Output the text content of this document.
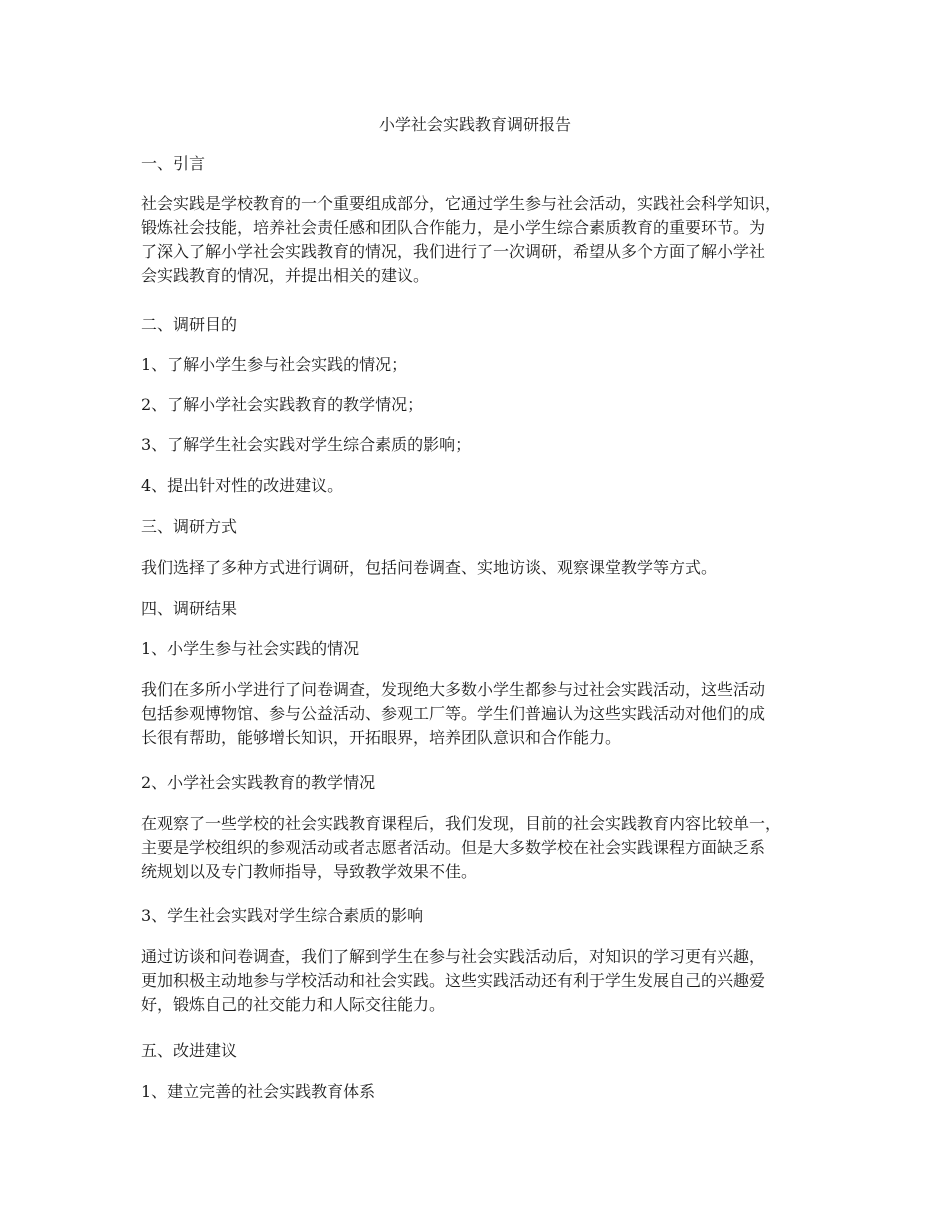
小学社会实践教育调研报告
一、引言
社会实践是学校教育的一个重要组成部分，它通过学生参与社会活动，实践社会科学知识，
锻炼社会技能，培养社会责任感和团队合作能力，是小学生综合素质教育的重要环节。为
了深入了解小学社会实践教育的情况，我们进行了一次调研，希望从多个方面了解小学社
会实践教育的情况，并提出相关的建议。
二、调研目的
1、了解小学生参与社会实践的情况；
2、了解小学社会实践教育的教学情况；
3、了解学生社会实践对学生综合素质的影响；
4、提出针对性的改进建议。
三、调研方式
我们选择了多种方式进行调研，包括问卷调查、实地访谈、观察课堂教学等方式。
四、调研结果
1、小学生参与社会实践的情况
我们在多所小学进行了问卷调查，发现绝大多数小学生都参与过社会实践活动，这些活动
包括参观博物馆、参与公益活动、参观工厂等。学生们普遍认为这些实践活动对他们的成
长很有帮助，能够增长知识，开拓眼界，培养团队意识和合作能力。
2、小学社会实践教育的教学情况
在观察了一些学校的社会实践教育课程后，我们发现，目前的社会实践教育内容比较单一，
主要是学校组织的参观活动或者志愿者活动。但是大多数学校在社会实践课程方面缺乏系
统规划以及专门教师指导，导致教学效果不佳。
3、学生社会实践对学生综合素质的影响
通过访谈和问卷调查，我们了解到学生在参与社会实践活动后，对知识的学习更有兴趣，
更加积极主动地参与学校活动和社会实践。这些实践活动还有利于学生发展自己的兴趣爱
好，锻炼自己的社交能力和人际交往能力。
五、改进建议
1、建立完善的社会实践教育体系
